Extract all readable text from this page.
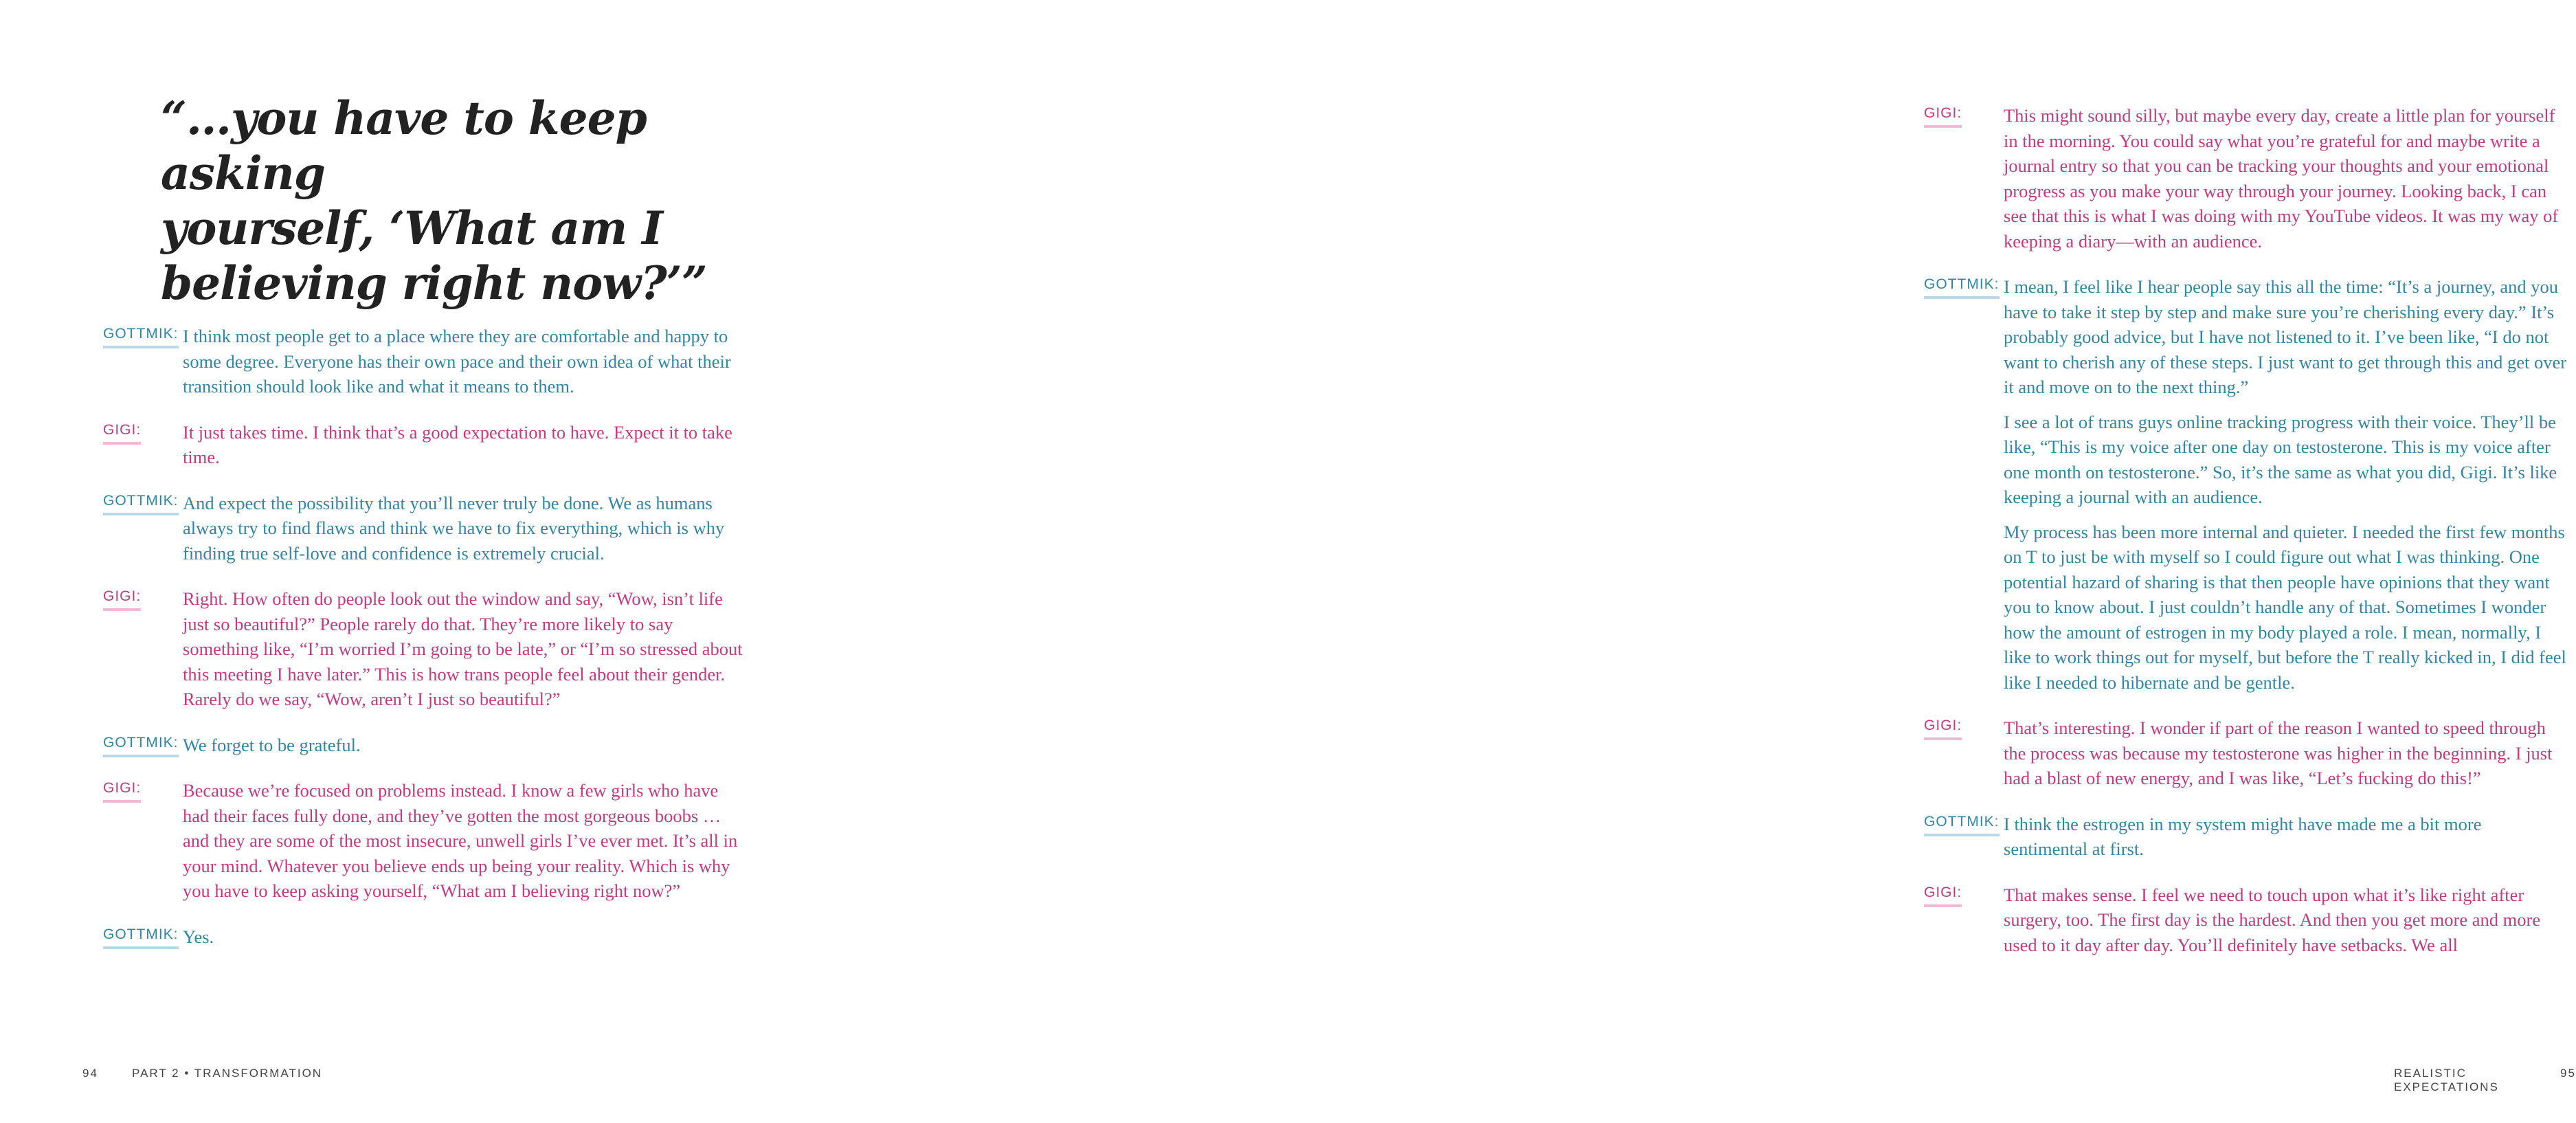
“…you have to keep asking
yourself, ‘What am I
believing right now?’”
GOTTMIK: I think most people get to a place where they are comfortable and happy to some degree. Everyone has their own pace and their own idea of what their transition should look like and what it means to them.

GIGI: It just takes time. I think that’s a good expectation to have. Expect it to take time.

GOTTMIK: And expect the possibility that you’ll never truly be done. We as humans always try to find flaws and think we have to fix everything, which is why finding true self-love and confidence is extremely crucial.

GIGI: Right. How often do people look out the window and say, “Wow, isn’t life just so beautiful?” People rarely do that. They’re more likely to say something like, “I’m worried I’m going to be late,” or “I’m so stressed about this meeting I have later.” This is how trans people feel about their gender. Rarely do we say, “Wow, aren’t I just so beautiful?”

GOTTMIK: We forget to be grateful.

GIGI: Because we’re focused on problems instead. I know a few girls who have had their faces fully done, and they’ve gotten the most gorgeous boobs … and they are some of the most insecure, unwell girls I’ve ever met. It’s all in your mind. Whatever you believe ends up being your reality. Which is why you have to keep asking yourself, “What am I believing right now?”

GOTTMIK: Yes.

94	PART 2 • TRANSFORMATION
GIGI: This might sound silly, but maybe every day, create a little plan for yourself in the morning. You could say what you’re grateful for and maybe write a journal entry so that you can be tracking your thoughts and your emotional progress as you make your way through your journey. Looking back, I can see that this is what I was doing with my YouTube videos. It was my way of keeping a diary—with an audience.

GOTTMIK: I mean, I feel like I hear people say this all the time: “It’s a journey, and you have to take it step by step and make sure you’re cherishing every day.” It’s probably good advice, but I have not listened to it. I’ve been like, “I do not want to cherish any of these steps. I just want to get through this and get over it and move on to the next thing.”

I see a lot of trans guys online tracking progress with their voice. They’ll be like, “This is my voice after one day on testosterone. This is my voice after one month on testosterone.” So, it’s the same as what you did, Gigi. It’s like keeping a journal with an audience.

My process has been more internal and quieter. I needed the first few months on T to just be with myself so I could figure out what I was thinking. One potential hazard of sharing is that then people have opinions that they want you to know about. I just couldn’t handle any of that. Sometimes I wonder how the amount of estrogen in my body played a role. I mean, normally, I like to work things out for myself, but before the T really kicked in, I did feel like I needed to hibernate and be gentle.

GIGI: That’s interesting. I wonder if part of the reason I wanted to speed through the process was because my testosterone was higher in the beginning. I just had a blast of new energy, and I was like, “Let’s fucking do this!”

GOTTMIK: I think the estrogen in my system might have made me a bit more sentimental at first.

GIGI: That makes sense. I feel we need to touch upon what it’s like right after surgery, too. The first day is the hardest. And then you get more and more used to it day after day. You’ll definitely have setbacks. We all

REALISTIC EXPECTATIONS
95
